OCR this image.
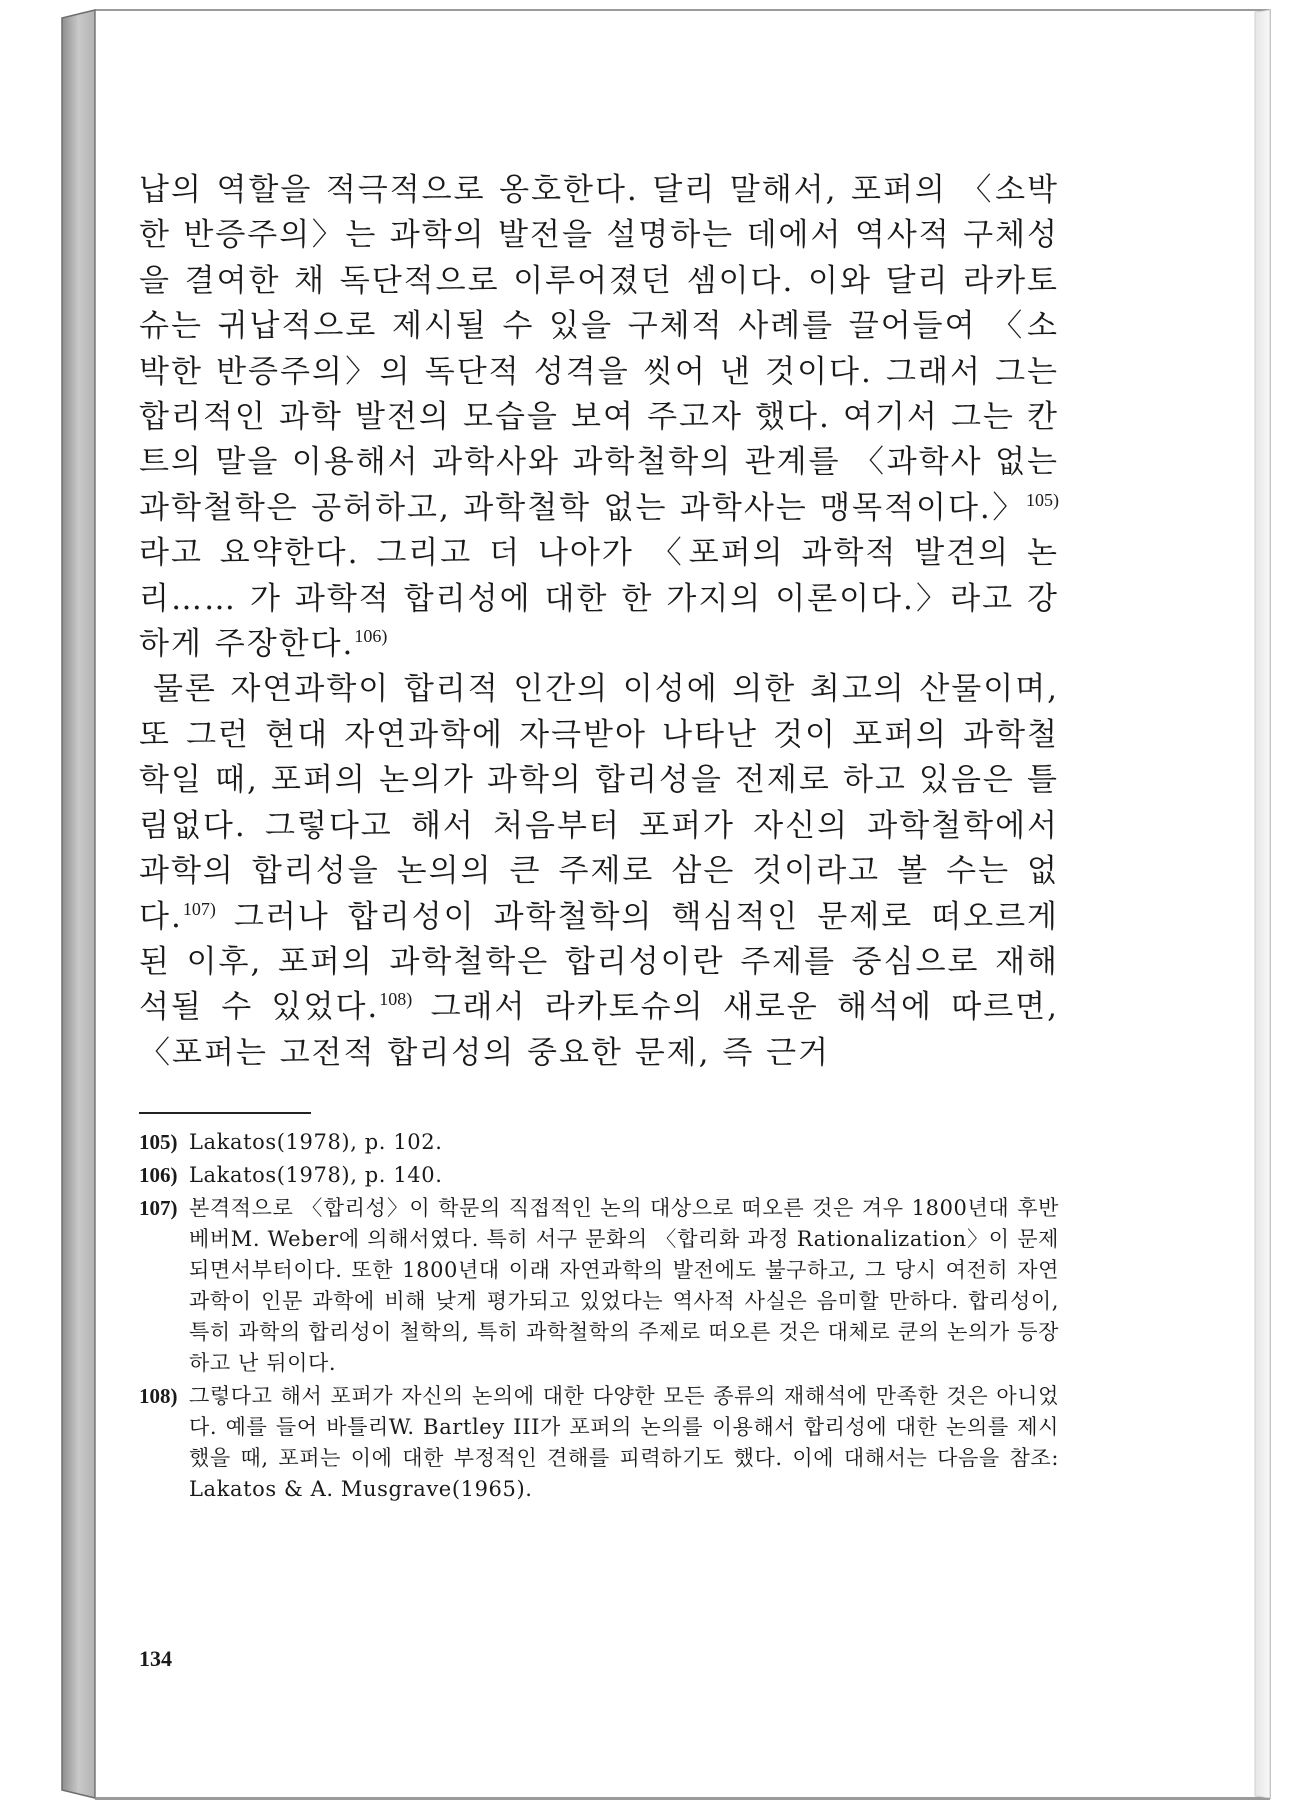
납의 역할을 적극적으로 옹호한다. 달리 말해서, 포퍼의 〈소박한 반증주의〉는 과학의 발전을 설명하는 데에서 역사적 구체성을 결여한 채 독단적으로 이루어졌던 셈이다. 이와 달리 라카토슈는 귀납적으로 제시될 수 있을 구체적 사례를 끌어들여 〈소박한 반증주의〉의 독단적 성격을 씻어 낸 것이다. 그래서 그는 합리적인 과학 발전의 모습을 보여 주고자 했다. 여기서 그는 칸트의 말을 이용해서 과학사와 과학철학의 관계를 〈과학사 없는 과학철학은 공허하고, 과학철학 없는 과학사는 맹목적이다.〉$^{105)}$라고 요약한다. 그리고 더 나아가 〈포퍼의 과학적 발견의 논리…… 가 과학적 합리성에 대한 한 가지의 이론이다.〉라고 강하게 주장한다.$^{106)}$

물론 자연과학이 합리적 인간의 이성에 의한 최고의 산물이며, 또 그런 현대 자연과학에 자극받아 나타난 것이 포퍼의 과학철학일 때, 포퍼의 논의가 과학의 합리성을 전제로 하고 있음은 틀림없다. 그렇다고 해서 처음부터 포퍼가 자신의 과학철학에서 과학의 합리성을 논의의 큰 주제로 삼은 것이라고 볼 수는 없다.$^{107)}$ 그러나 합리성이 과학철학의 핵심적인 문제로 떠오르게 된 이후, 포퍼의 과학철학은 합리성이란 주제를 중심으로 재해석될 수 있었다.$^{108)}$ 그래서 라카토슈의 새로운 해석에 따르면, 〈포퍼는 고전적 합리성의 중요한 문제, 즉 근거

105) Lakatos(1978), p. 102.
106) Lakatos(1978), p. 140.
107) 본격적으로 〈합리성〉이 학문의 직접적인 논의 대상으로 떠오른 것은 겨우 1800년대 후반 베버M. Weber에 의해서였다. 특히 서구 문화의 〈합리화 과정 Rationalization〉이 문제되면서부터이다. 또한 1800년대 이래 자연과학의 발전에도 불구하고, 그 당시 여전히 자연과학이 인문 과학에 비해 낮게 평가되고 있었다는 역사적 사실은 음미할 만하다. 합리성이, 특히 과학의 합리성이 철학의, 특히 과학철학의 주제로 떠오른 것은 대체로 쿤의 논의가 등장하고 난 뒤이다.
108) 그렇다고 해서 포퍼가 자신의 논의에 대한 다양한 모든 종류의 재해석에 만족한 것은 아니었다. 예를 들어 바틀리W. Bartley III가 포퍼의 논의를 이용해서 합리성에 대한 논의를 제시했을 때, 포퍼는 이에 대한 부정적인 견해를 피력하기도 했다. 이에 대해서는 다음을 참조: Lakatos & A. Musgrave(1965).
134
